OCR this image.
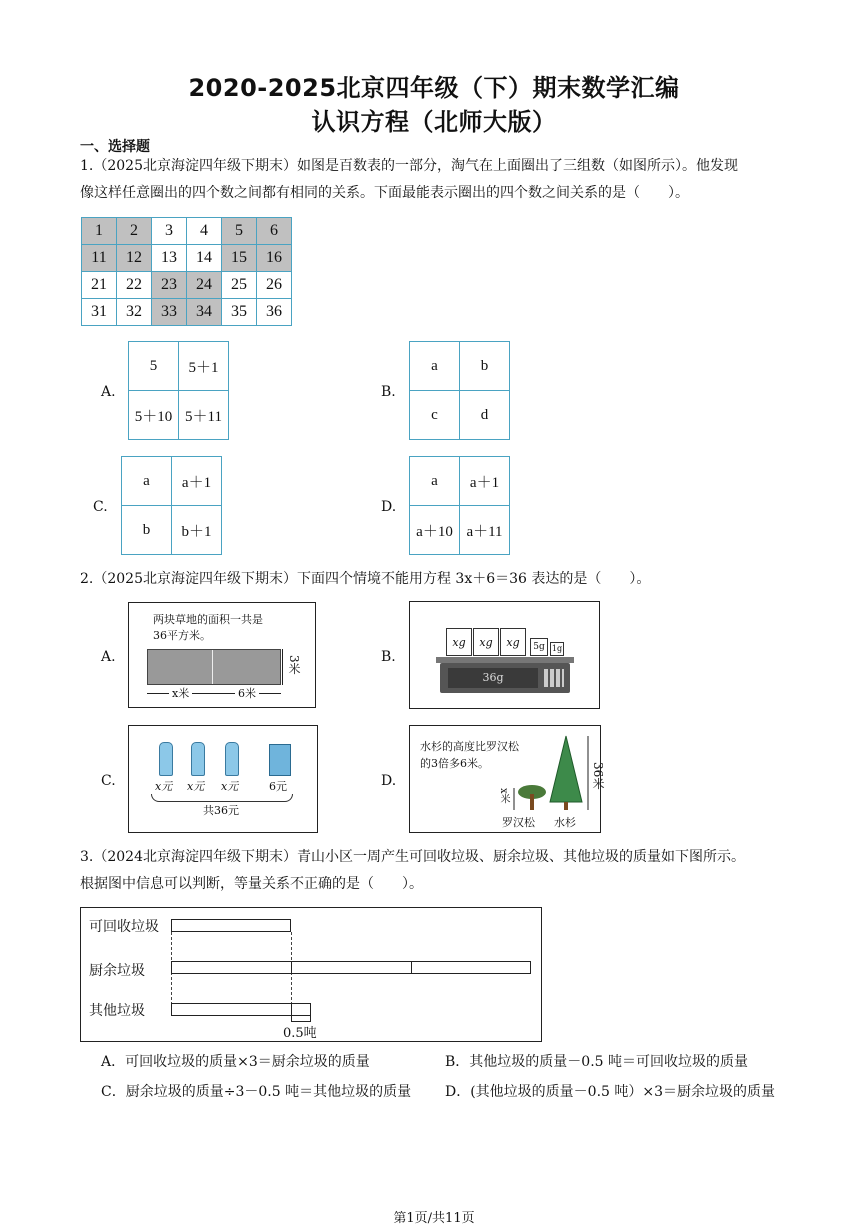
2020-2025北京四年级（下）期末数学汇编
认识方程（北师大版）
一、选择题
1.（2025北京海淀四年级下期末）如图是百数表的一部分，淘气在上面圈出了三组数（如图所示）。他发现
像这样任意圈出的四个数之间都有相同的关系。下面最能表示圈出的四个数之间关系的是（　　）。
1	2	3	4	5	6
11	12	13	14	15	16
21	22	23	24	25	26
31	32	33	34	35	36
A.
5	5＋1
5＋10	5＋11
B.
a	b
c	d
C.
a	a＋1
b	b＋1
D.
a	a＋1
a＋10	a＋11
2.（2025北京海淀四年级下期末）下面四个情境不能用方程 3x＋6＝36 表达的是（　　）。
A.
两块草地的面积一共是
36平方米。
3米
x米	6米
B.
xg	xg	xg	5g 1g
36g
C.	x元 x元 x元	6元
共36元
D.
水杉的高度比罗汉松
的3倍多6米。	36米
x米
罗汉松 水杉
3.（2024北京海淀四年级下期末）青山小区一周产生可回收垃圾、厨余垃圾、其他垃圾的质量如下图所示。
根据图中信息可以判断，等量关系不正确的是（　　）。
可回收垃圾
厨余垃圾
其他垃圾
0.5吨
A．可回收垃圾的质量×3＝厨余垃圾的质量	B．其他垃圾的质量－0.5 吨＝可回收垃圾的质量
C．厨余垃圾的质量÷3－0.5 吨＝其他垃圾的质量 D．(其他垃圾的质量－0.5 吨）×3＝厨余垃圾的质量
第1页/共11页
